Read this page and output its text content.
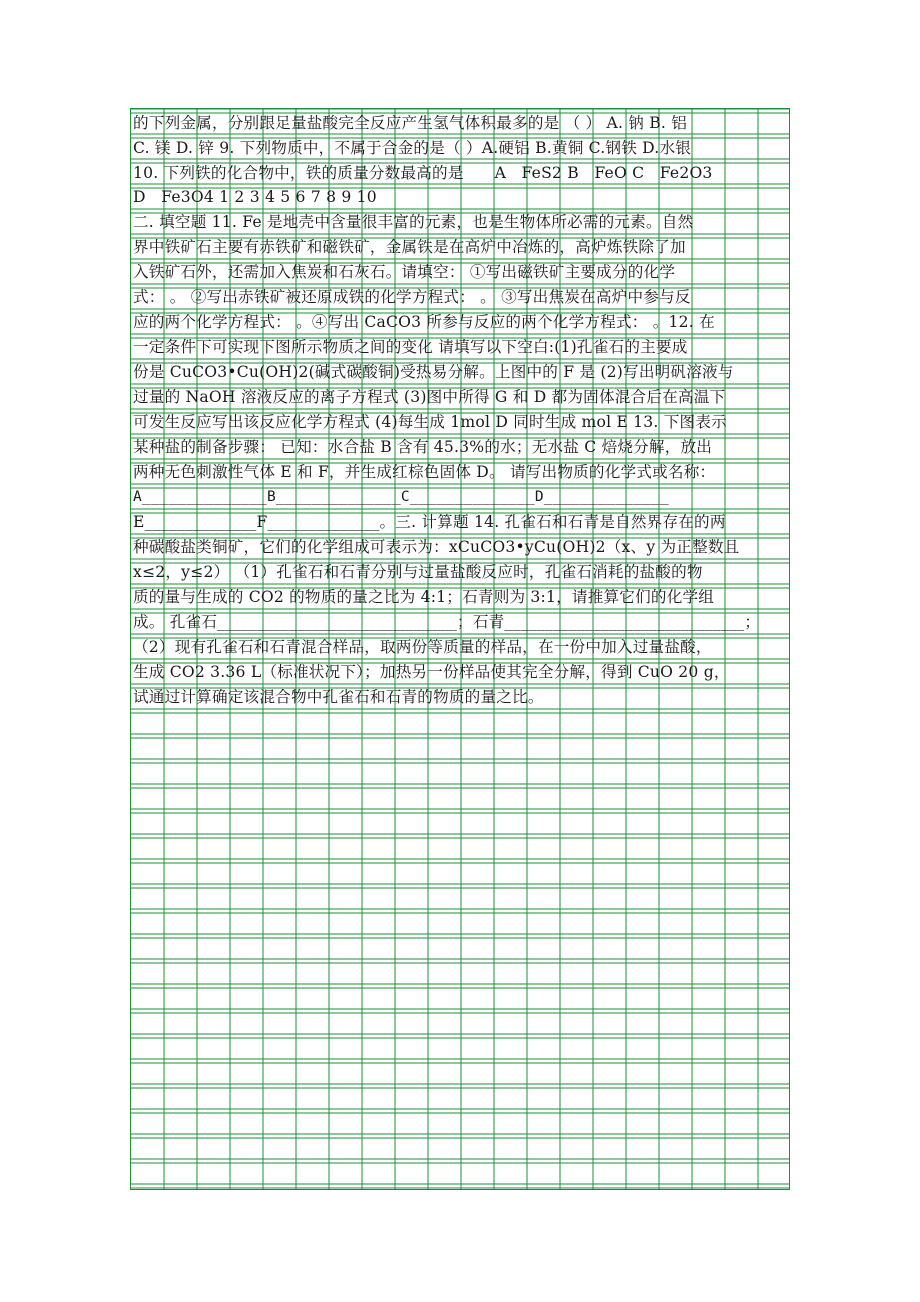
的下列金属，分别跟足量盐酸完全反应产生氢气体积最多的是 （ ） A. 钠 B. 铝
C. 镁 D. 锌 9. 下列物质中，不属于合金的是（ ）A.硬铝 B.黄铜 C.钢铁 D.水银
10. 下列铁的化合物中，铁的质量分数最高的是      A   FeS2 B   FeO C   Fe2O3
D   Fe3O4 1 2 3 4 5 6 7 8 9 10
二. 填空题 11. Fe 是地壳中含量很丰富的元素，也是生物体所必需的元素。自然
界中铁矿石主要有赤铁矿和磁铁矿，金属铁是在高炉中冶炼的，高炉炼铁除了加
入铁矿石外，还需加入焦炭和石灰石。请填空： ①写出磁铁矿主要成分的化学
式： 。 ②写出赤铁矿被还原成铁的化学方程式： 。 ③写出焦炭在高炉中参与反
应的两个化学方程式： 。④写出 CaCO3 所参与反应的两个化学方程式： 。12. 在
一定条件下可实现下图所示物质之间的变化 请填写以下空白:(1)孔雀石的主要成
份是 CuCO3•Cu(OH)2(碱式碳酸铜)受热易分解。上图中的 F 是 (2)写出明矾溶液与
过量的 NaOH 溶液反应的离子方程式 (3)图中所得 G 和 D 都为固体混合后在高温下
可发生反应写出该反应化学方程式 (4)每生成 1mol D 同时生成 mol E 13. 下图表示
某种盐的制备步骤： 已知：水合盐 B 含有 45.3%的水；无水盐 C 焙烧分解，放出
两种无色刺激性气体 E 和 F，并生成红棕色固体 D。 请写出物质的化学式或名称：
A______________B______________C______________D______________
E______________F______________。三. 计算题 14. 孔雀石和石青是自然界存在的两
种碳酸盐类铜矿，它们的化学组成可表示为：xCuCO3•yCu(OH)2（x、y 为正整数且
x≤2，y≤2） （1）孔雀石和石青分别与过量盐酸反应时，孔雀石消耗的盐酸的物
质的量与生成的 CO2 的物质的量之比为 4:1；石青则为 3:1，请推算它们的化学组
成。 孔雀石______________________________；石青______________________________；
（2）现有孔雀石和石青混合样品，取两份等质量的样品，在一份中加入过量盐酸，
生成 CO2 3.36 L（标准状况下）；加热另一份样品使其完全分解，得到 CuO 20 g，
试通过计算确定该混合物中孔雀石和石青的物质的量之比。
